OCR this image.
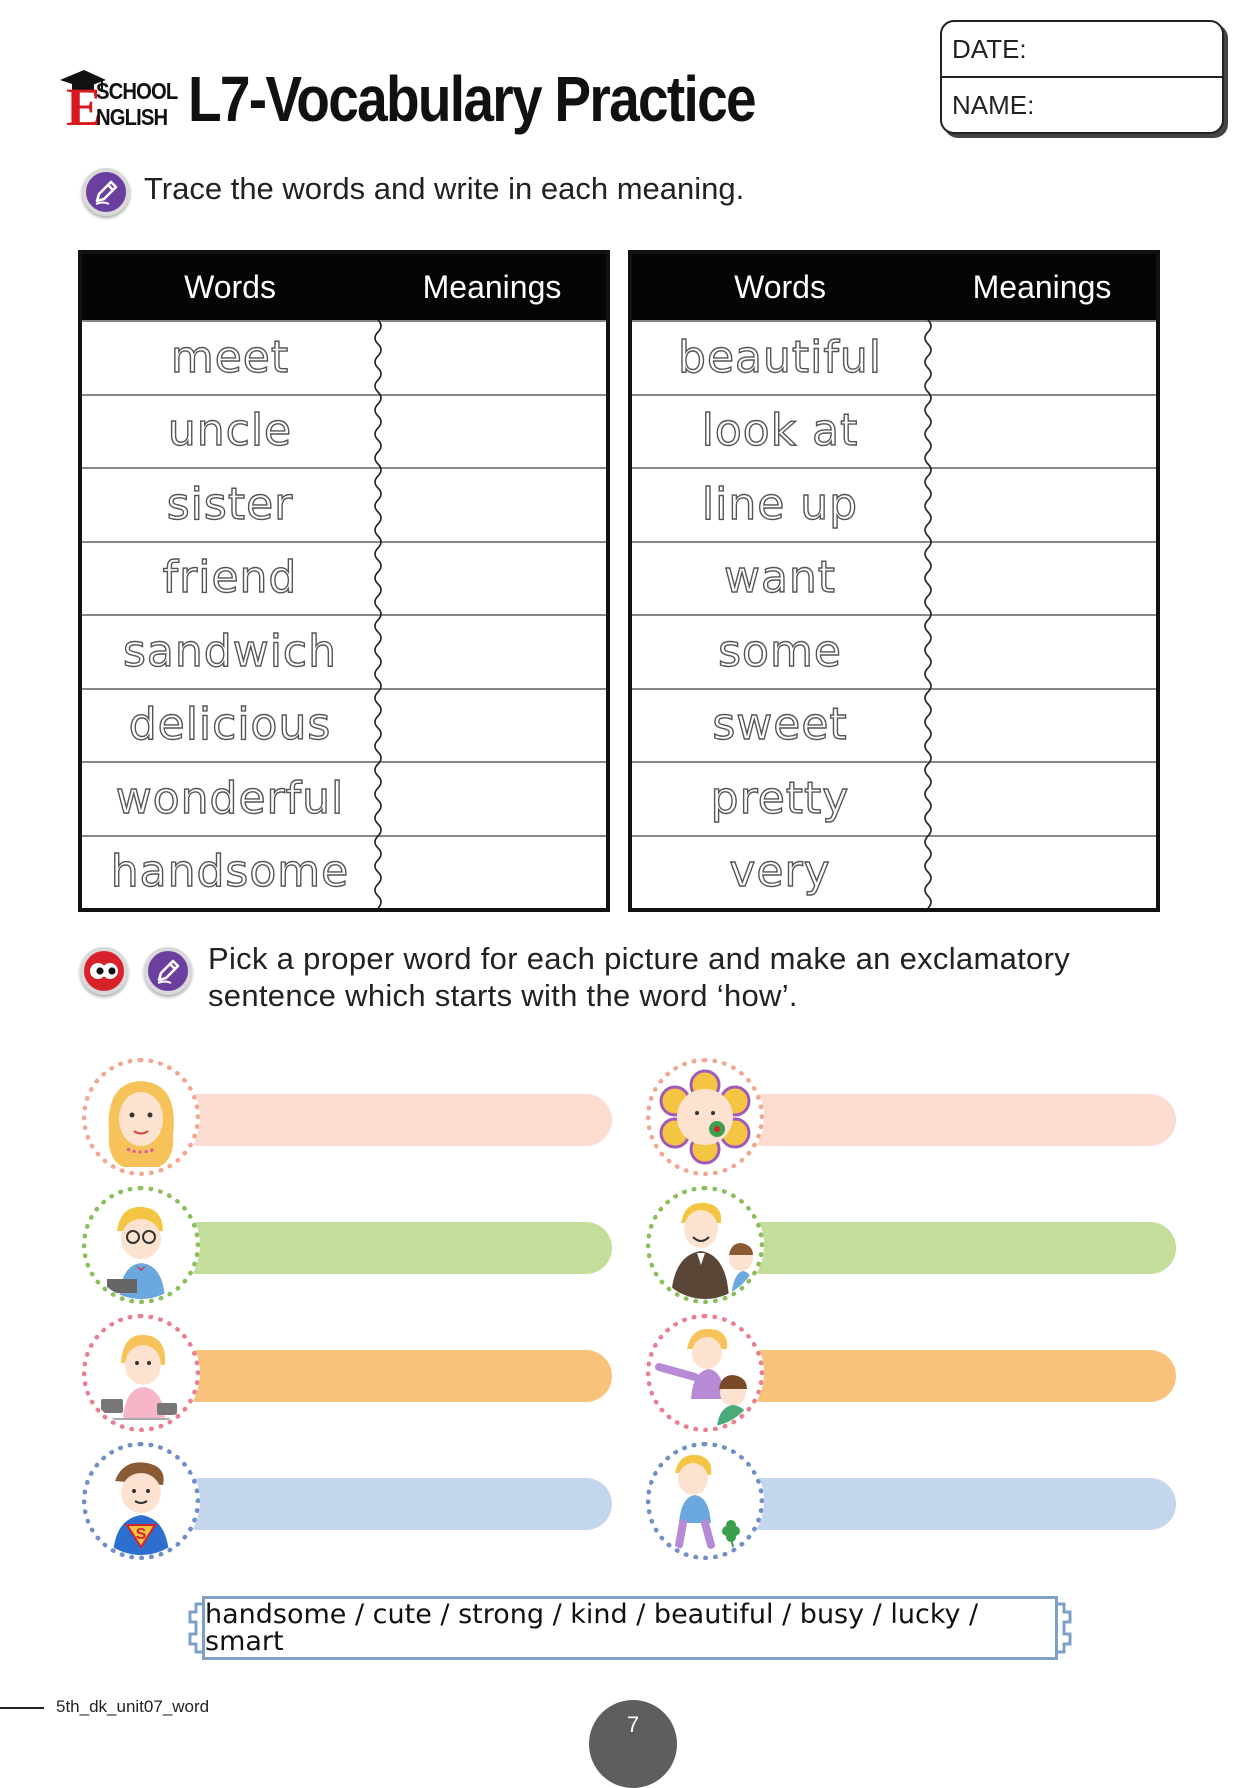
E
SCHOOL
NGLISH L7-Vocabulary Practice
DATE:
NAME:
Trace the words and write in each meaning.
Words	Meanings
meet
uncle
sister
friend
sandwich
delicious
wonderful
handsome
Words	Meanings
beautiful
look at
line up
want
some
sweet
pretty
very
Pick a proper word for each picture and make an exclamatory
sentence which starts with the word ‘how’.
S
handsome / cute / strong / kind / beautiful / busy / lucky / smart
5th_dk_unit07_word
7
